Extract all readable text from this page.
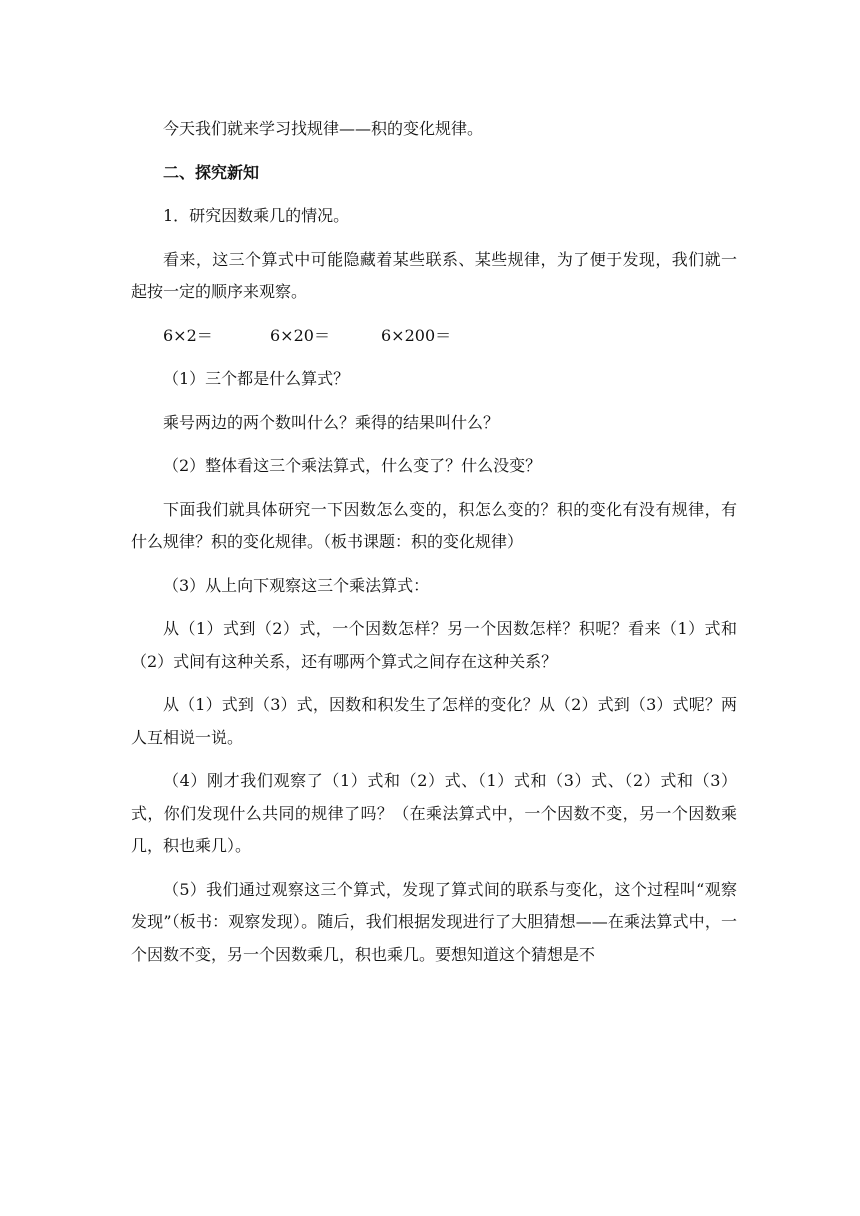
今天我们就来学习找规律——积的变化规律。

二、探究新知

1．研究因数乘几的情况。

看来，这三个算式中可能隐藏着某些联系、某些规律，为了便于发现，我们就一起按一定的顺序来观察。

6×2＝	6×20＝	6×200＝

（1）三个都是什么算式？

乘号两边的两个数叫什么？乘得的结果叫什么？

（2）整体看这三个乘法算式，什么变了？什么没变？

下面我们就具体研究一下因数怎么变的，积怎么变的？积的变化有没有规律，有什么规律？积的变化规律。（板书课题：积的变化规律）

（3）从上向下观察这三个乘法算式：

从（1）式到（2）式，一个因数怎样？另一个因数怎样？积呢？看来（1）式和（2）式间有这种关系，还有哪两个算式之间存在这种关系？

从（1）式到（3）式，因数和积发生了怎样的变化？从（2）式到（3）式呢？两人互相说一说。

（4）刚才我们观察了（1）式和（2）式、（1）式和（3）式、（2）式和（3）式，你们发现什么共同的规律了吗？（在乘法算式中，一个因数不变，另一个因数乘几，积也乘几）。

（5）我们通过观察这三个算式，发现了算式间的联系与变化，这个过程叫“观察发现”（板书：观察发现）。随后，我们根据发现进行了大胆猜想——在乘法算式中，一个因数不变，另一个因数乘几，积也乘几。要想知道这个猜想是不
